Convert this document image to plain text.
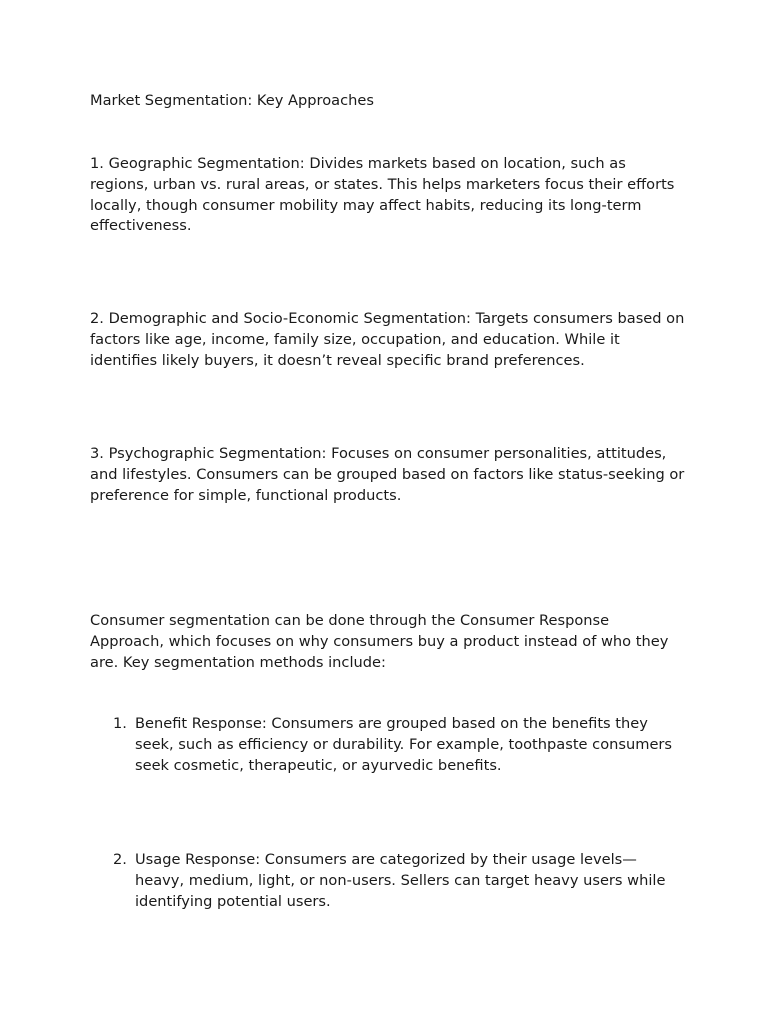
Market Segmentation: Key Approaches

1. Geographic Segmentation: Divides markets based on location, such as regions, urban vs. rural areas, or states. This helps marketers focus their efforts locally, though consumer mobility may affect habits, reducing its long-term effectiveness.

2. Demographic and Socio-Economic Segmentation: Targets consumers based on factors like age, income, family size, occupation, and education. While it identifies likely buyers, it doesn’t reveal specific brand preferences.

3. Psychographic Segmentation: Focuses on consumer personalities, attitudes, and lifestyles. Consumers can be grouped based on factors like status-seeking or preference for simple, functional products.

Consumer segmentation can be done through the Consumer Response Approach, which focuses on why consumers buy a product instead of who they are. Key segmentation methods include:

1. Benefit Response: Consumers are grouped based on the benefits they seek, such as efficiency or durability. For example, toothpaste consumers seek cosmetic, therapeutic, or ayurvedic benefits.
2. Usage Response: Consumers are categorized by their usage levels—heavy, medium, light, or non-users. Sellers can target heavy users while identifying potential users.
